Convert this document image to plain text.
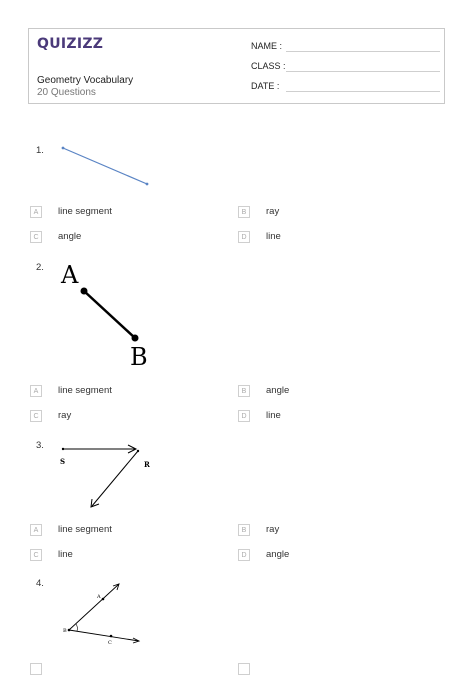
QUIZIZZ
Geometry Vocabulary
20 Questions
NAME :
CLASS :
DATE :
1.
A	line segment	B	ray
C	angle	D	line
2. A
B
A	line segment	B	angle
C	ray	D	line
3.
S	R
A	line segment	B	ray
C	line	D	angle
4.
A
B
C
